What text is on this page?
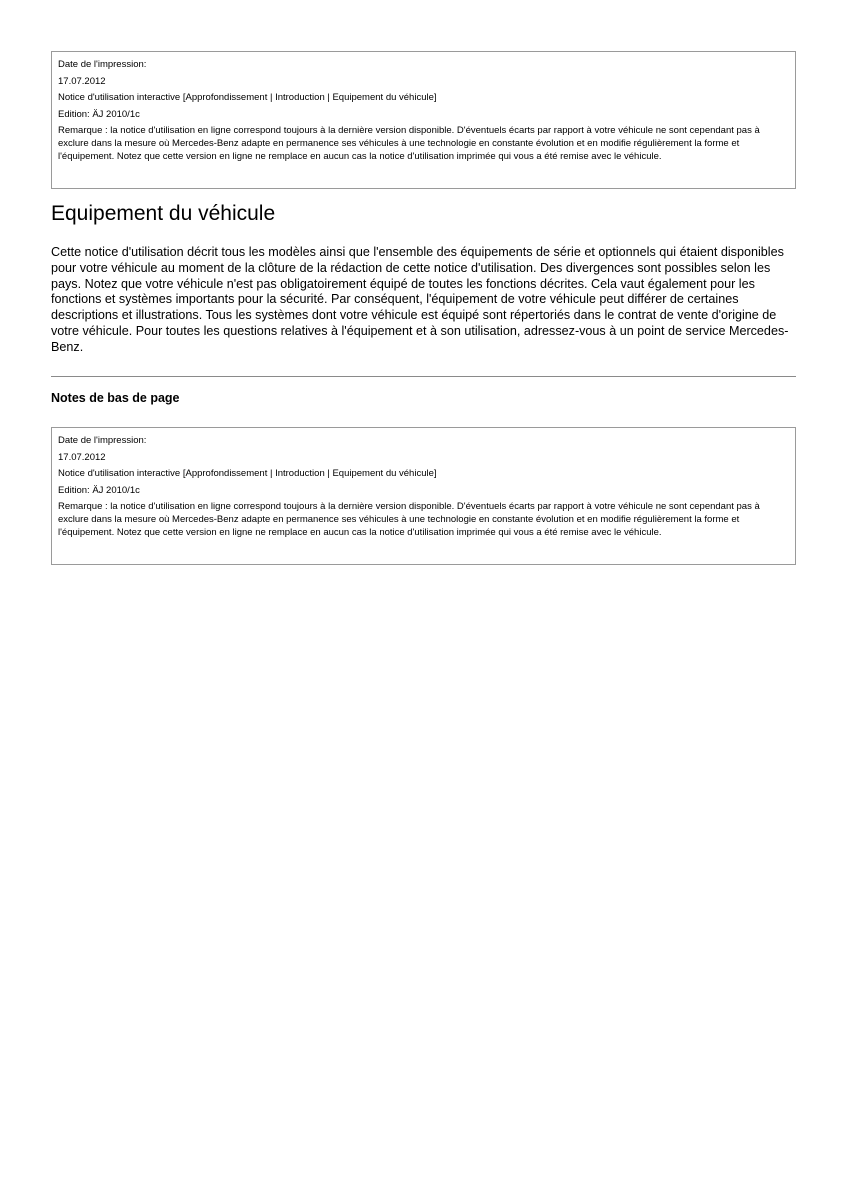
Date de l'impression:

17.07.2012

Notice d'utilisation interactive [Approfondissement | Introduction | Equipement du véhicule]

Edition: ÄJ 2010/1c

Remarque : la notice d'utilisation en ligne correspond toujours à la dernière version disponible. D'éventuels écarts par rapport à votre véhicule ne sont cependant pas à exclure dans la mesure où Mercedes-Benz adapte en permanence ses véhicules à une technologie en constante évolution et en modifie régulièrement la forme et l'équipement. Notez que cette version en ligne ne remplace en aucun cas la notice d'utilisation imprimée qui vous a été remise avec le véhicule.

Equipement du véhicule

Cette notice d'utilisation décrit tous les modèles ainsi que l'ensemble des équipements de série et optionnels qui étaient disponibles pour votre véhicule au moment de la clôture de la rédaction de cette notice d'utilisation. Des divergences sont possibles selon les pays. Notez que votre véhicule n'est pas obligatoirement équipé de toutes les fonctions décrites. Cela vaut également pour les fonctions et systèmes importants pour la sécurité. Par conséquent, l'équipement de votre véhicule peut différer de certaines descriptions et illustrations. Tous les systèmes dont votre véhicule est équipé sont répertoriés dans le contrat de vente d'origine de votre véhicule. Pour toutes les questions relatives à l'équipement et à son utilisation, adressez-vous à un point de service Mercedes-Benz.

Notes de bas de page

Date de l'impression:

17.07.2012

Notice d'utilisation interactive [Approfondissement | Introduction | Equipement du véhicule]

Edition: ÄJ 2010/1c

Remarque : la notice d'utilisation en ligne correspond toujours à la dernière version disponible. D'éventuels écarts par rapport à votre véhicule ne sont cependant pas à exclure dans la mesure où Mercedes-Benz adapte en permanence ses véhicules à une technologie en constante évolution et en modifie régulièrement la forme et l'équipement. Notez que cette version en ligne ne remplace en aucun cas la notice d'utilisation imprimée qui vous a été remise avec le véhicule.
